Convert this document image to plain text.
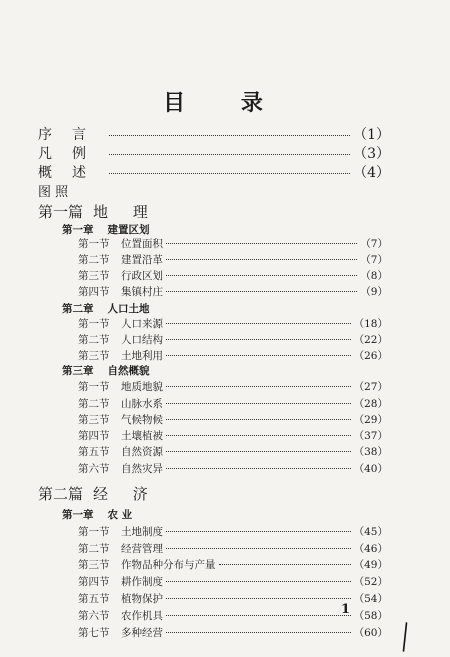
目 录
序言	（1）
凡例	（3）
概述	（4）
图 照
第一篇 地 理
第一章 建置区划
第一节	位置面积	（7）
第二节	建置沿革	（7）
第三节	行政区划	（8）
第四节	集镇村庄	（9）
第二章 人口土地
第一节	人口来源	（18）
第二节	人口结构	（22）
第三节	土地利用	（26）
第三章 自然概貌
第一节	地质地貌	（27）
第二节	山脉水系	（28）
第三节	气候物候	（29）
第四节	土壤植被	（37）
第五节	自然资源	（38）
第六节	自然灾异	（40）
第二篇 经 济
第一章 农 业
第一节	土地制度	（45）
第二节	经营管理	（46）
第三节	作物品种分布与产量	（49）
第四节	耕作制度	（52）
第五节	植物保护	（54）
第六节	农作机具	（58）
第七节	多种经营	（60）
1
